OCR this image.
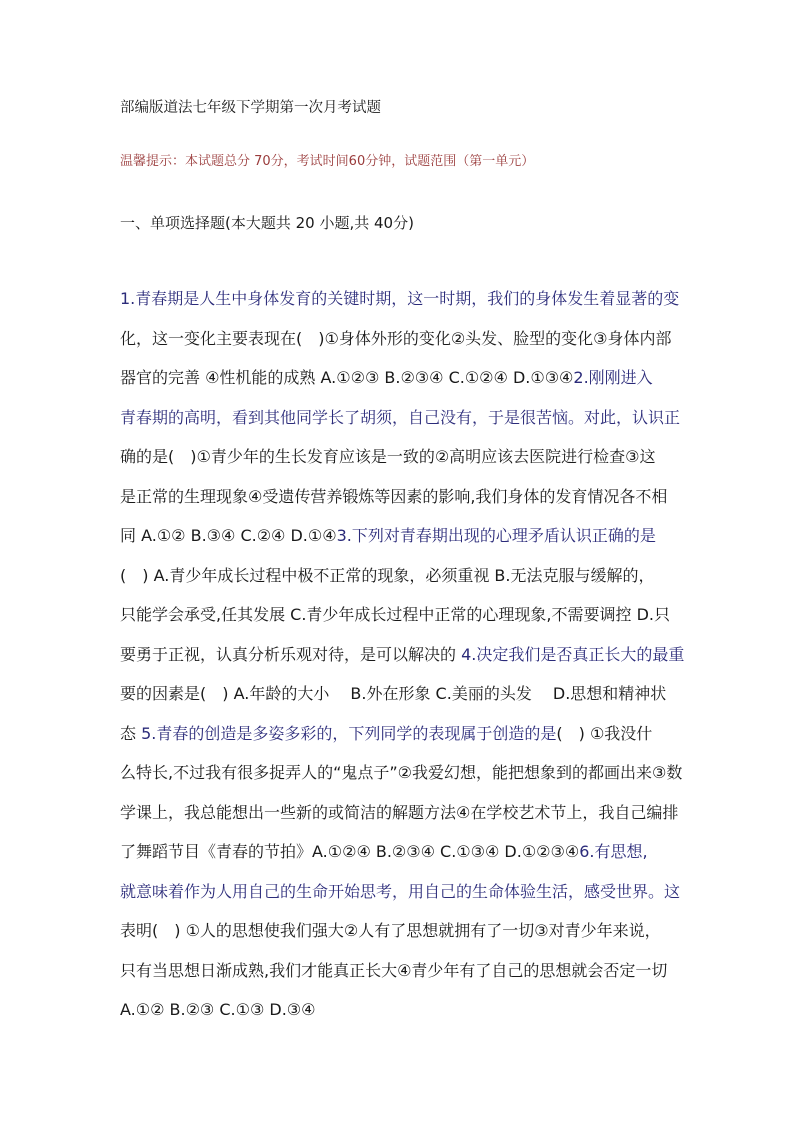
部编版道法七年级下学期第一次月考试题
温馨提示：本试题总分 70分，考试时间60分钟，试题范围（第一单元）
一、单项选择题(本大题共 20 小题,共 40分)
1.青春期是人生中身体发育的关键时期，这一时期，我们的身体发生着显著的变
化，这一变化主要表现在(　)①身体外形的变化②头发、脸型的变化③身体内部
器官的完善 ④性机能的成熟 A.①②③ B.②③④ C.①②④ D.①③④2.刚刚进入
青春期的高明，看到其他同学长了胡须，自己没有，于是很苦恼。对此，认识正
确的是(　)①青少年的生长发育应该是一致的②高明应该去医院进行检查③这
是正常的生理现象④受遗传营养锻炼等因素的影响,我们身体的发育情况各不相
同 A.①② B.③④ C.②④ D.①④3.下列对青春期出现的心理矛盾认识正确的是
(　) A.青少年成长过程中极不正常的现象，必须重视 B.无法克服与缓解的，
只能学会承受,任其发展 C.青少年成长过程中正常的心理现象,不需要调控 D.只
要勇于正视，认真分析乐观对待，是可以解决的 4.决定我们是否真正长大的最重
要的因素是(　) A.年龄的大小　 B.外在形象 C.美丽的头发　 D.思想和精神状
态 5.青春的创造是多姿多彩的，下列同学的表现属于创造的是(　) ①我没什
么特长,不过我有很多捉弄人的“鬼点子”②我爱幻想，能把想象到的都画出来③数
学课上，我总能想出一些新的或简洁的解题方法④在学校艺术节上，我自己编排
了舞蹈节目《青春的节拍》A.①②④ B.②③④ C.①③④ D.①②③④6.有思想,
就意味着作为人用自己的生命开始思考，用自己的生命体验生活，感受世界。这
表明(　) ①人的思想使我们强大②人有了思想就拥有了一切③对青少年来说，
只有当思想日渐成熟,我们才能真正长大④青少年有了自己的思想就会否定一切
A.①② B.②③ C.①③ D.③④
